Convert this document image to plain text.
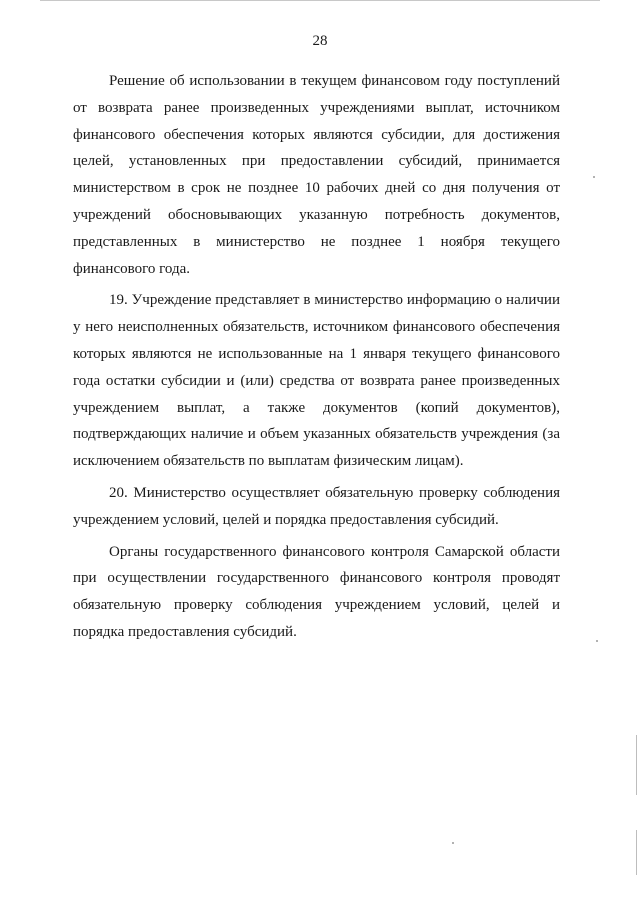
28

Решение об использовании в текущем финансовом году поступлений от возврата ранее произведенных учреждениями выплат, источником финансового обеспечения которых являются субсидии, для достижения целей, установленных при предоставлении субсидий, принимается министерством в срок не позднее 10 рабочих дней со дня получения от учреждений обосновывающих указанную потребность документов, представленных в министерство не позднее 1 ноября текущего финансового года.

19. Учреждение представляет в министерство информацию о наличии у него неисполненных обязательств, источником финансового обеспечения которых являются не использованные на 1 января текущего финансового года остатки субсидии и (или) средства от возврата ранее произведенных учреждением выплат, а также документов (копий документов), подтверждающих наличие и объем указанных обязательств учреждения (за исключением обязательств по выплатам физическим лицам).

20. Министерство осуществляет обязательную проверку соблюдения учреждением условий, целей и порядка предоставления субсидий.

Органы государственного финансового контроля Самарской области при осуществлении государственного финансового контроля проводят обязательную проверку соблюдения учреждением условий, целей и порядка предоставления субсидий.
